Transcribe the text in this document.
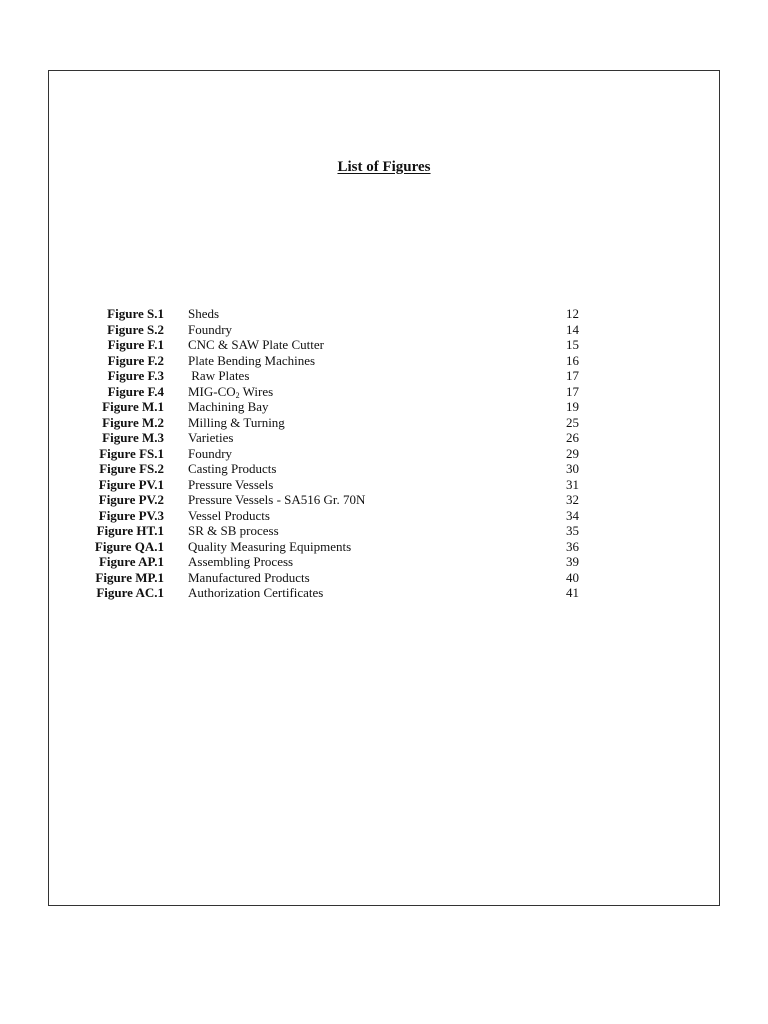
List of Figures
Figure S.1 Sheds	12
Figure S.2 Foundry	14
Figure F.1 CNC & SAW Plate Cutter	15
Figure F.2 Plate Bending Machines	16
Figure F.3 Raw Plates	17
Figure F.4 MIG-$CO_2$ Wires	17
Figure M.1 Machining Bay	19
Figure M.2 Milling & Turning	25
Figure M.3 Varieties	26
Figure FS.1 Foundry	29
Figure FS.2 Casting Products	30
Figure PV.1 Pressure Vessels	31
Figure PV.2 Pressure Vessels - SA516 Gr. 70N	32
Figure PV.3 Vessel Products	34
Figure HT.1 SR & SB process	35
Figure QA.1 Quality Measuring Equipments	36
Figure AP.1 Assembling Process	39
Figure MP.1 Manufactured Products	40
Figure AC.1 Authorization Certificates	41
